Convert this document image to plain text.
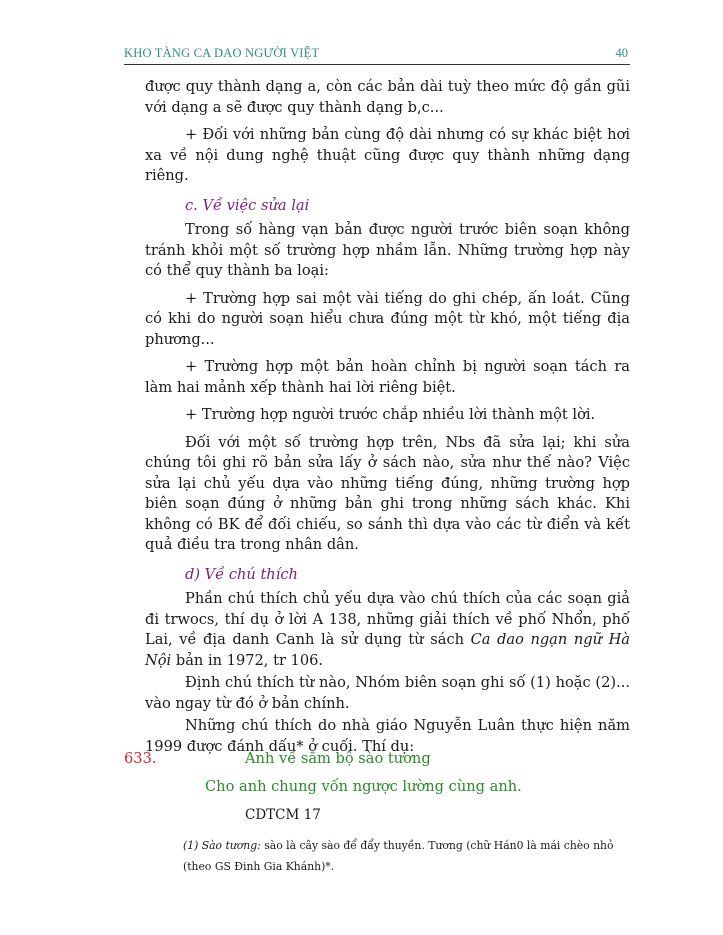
KHO TÀNG CA DAO NGƯỜI VIỆT	40

được quy thành dạng a, còn các bản dài tuỳ theo mức độ gần gũi với dạng a sẽ được quy thành dạng b,c...

+ Đối với những bản cùng độ dài nhưng có sự khác biệt hơi xa về nội dung nghệ thuật cũng được quy thành những dạng riêng.

c. Về việc sửa lại

Trong số hàng vạn bản được người trước biên soạn không tránh khỏi một số trường hợp nhầm lẫn. Những trường hợp này có thể quy thành ba loại:

+ Trường hợp sai một vài tiếng do ghi chép, ấn loát. Cũng có khi do người soạn hiểu chưa đúng một từ khó, một tiếng địa phương...

+ Trường hợp một bản hoàn chỉnh bị người soạn tách ra làm hai mảnh xếp thành hai lời riêng biệt.

+ Trường hợp người trước chắp nhiều lời thành một lời.

Đối với một số trường hợp trên, Nbs đã sửa lại; khi sửa chúng tôi ghi rõ bản sửa lấy ở sách nào, sửa như thế nào? Việc sửa lại chủ yếu dựa vào những tiếng đúng, những trường hợp biên soạn đúng ở những bản ghi trong những sách khác. Khi không có BK để đối chiếu, so sánh thì dựa vào các từ điển và kết quả điều tra trong nhân dân.

d) Về chú thích

Phần chú thích chủ yếu dựa vào chú thích của các soạn giả đi trwocs, thí dụ ở lời A 138, những giải thích về phố Nhổn, phố Lai, về địa danh Canh là sử dụng từ sách Ca dao ngạn ngữ Hà Nội bản in 1972, tr 106.

Định chú thích từ nào, Nhóm biên soạn ghi số (1) hoặc (2)... vào ngay từ đó ở bản chính.

Những chú thích do nhà giáo Nguyễn Luân thực hiện năm 1999 được đánh dấu* ở cuối. Thí dụ:

633.	Anh về sắm bộ sào tương
Cho anh chung vốn ngược lường cùng anh.
CDTCM 17
(1) Sào tương: sào là cây sào để đẩy thuyền. Tương (chữ Hán0 là mái chèo nhỏ (theo GS Đinh Gia Khánh)*.
